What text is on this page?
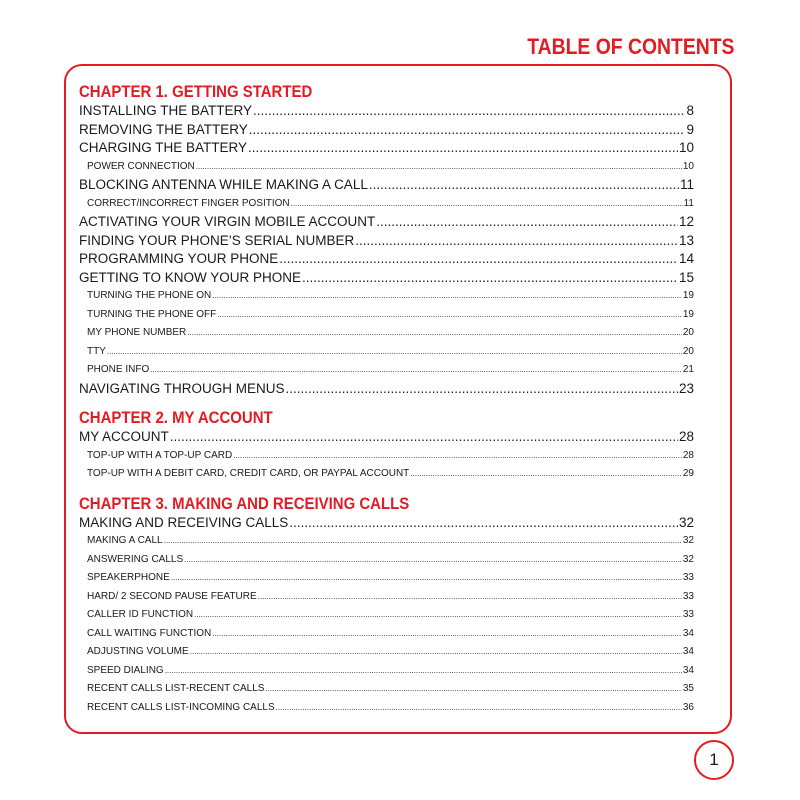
TABLE OF CONTENTS
CHAPTER 1. GETTING STARTED
INSTALLING THE BATTERY .....	8
REMOVING THE BATTERY .....	9
CHARGING THE BATTERY .....	10
POWER CONNECTION .....	10
BLOCKING ANTENNA WHILE MAKING A CALL .....	11
CORRECT/INCORRECT FINGER POSITION .....	11
ACTIVATING YOUR VIRGIN MOBILE ACCOUNT .....	12
FINDING YOUR PHONE’S SERIAL NUMBER .....	13
PROGRAMMING YOUR PHONE .....	14
GETTING TO KNOW YOUR PHONE .....	15
TURNING THE PHONE ON .....	19
TURNING THE PHONE OFF .....	19
MY PHONE NUMBER .....	20
TTY .....	20
PHONE INFO .....	21
NAVIGATING THROUGH MENUS .....	23
CHAPTER 2. MY ACCOUNT
MY ACCOUNT .....	28
TOP-UP WITH A TOP-UP CARD .....	28
TOP-UP WITH A DEBIT CARD, CREDIT CARD, OR PAYPAL ACCOUNT .....	29
CHAPTER 3. MAKING AND RECEIVING CALLS
MAKING AND RECEIVING CALLS .....	32
MAKING A CALL .....	32
ANSWERING CALLS .....	32
SPEAKERPHONE .....	33
HARD/ 2 SECOND PAUSE FEATURE .....	33
CALLER ID FUNCTION .....	33
CALL WAITING FUNCTION .....	34
ADJUSTING VOLUME .....	34
SPEED DIALING .....	34
RECENT CALLS LIST-RECENT CALLS .....	35
RECENT CALLS LIST-INCOMING CALLS .....	36
1
